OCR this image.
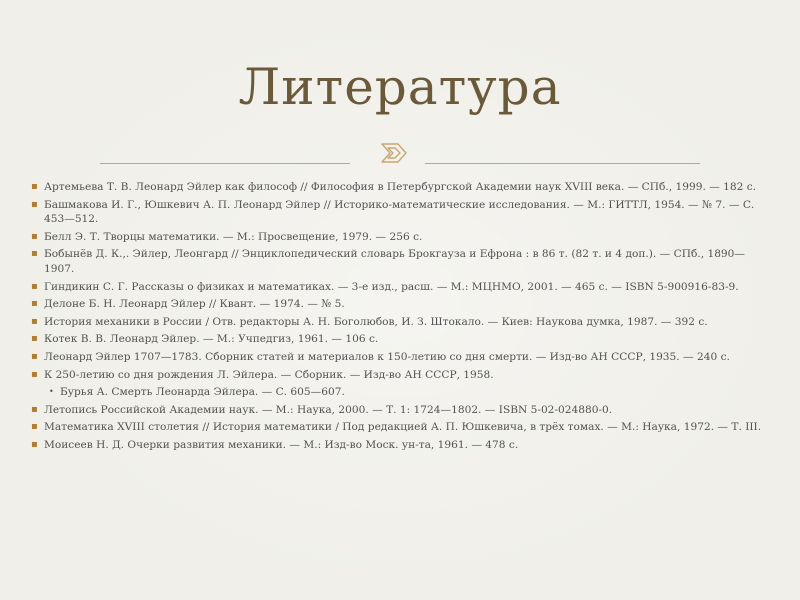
Литература
▪ Артемьева Т. В. Леонард Эйлер как философ // Философия в Петербургской Академии наук XVIII века. — СПб., 1999. — 182 с.
▪ Башмакова И. Г., Юшкевич А. П. Леонард Эйлер // Историко-математические исследования. — М.: ГИТТЛ, 1954. — № 7. — С. 453—512.
▪ Белл Э. Т. Творцы математики. — М.: Просвещение, 1979. — 256 с.
▪ Бобынёв Д. К.,. Эйлер, Леонгард // Энциклопедический словарь Брокгауза и Ефрона : в 86 т. (82 т. и 4 доп.). — СПб., 1890—1907.
▪ Гиндикин С. Г. Рассказы о физиках и математиках. — 3-е изд., расш. — М.: МЦНМО, 2001. — 465 с. — ISBN 5-900916-83-9.
▪ Делоне Б. Н. Леонард Эйлер // Квант. — 1974. — № 5.
▪ История механики в России / Отв. редакторы А. Н. Боголюбов, И. З. Штокало. — Киев: Наукова думка, 1987. — 392 с.
▪ Котек В. В. Леонард Эйлер. — М.: Учпедгиз, 1961. — 106 с.
▪ Леонард Эйлер 1707—1783. Сборник статей и материалов к 150-летию со дня смерти. — Изд-во АН СССР, 1935. — 240 с.
▪ К 250-летию со дня рождения Л. Эйлера. — Сборник. — Изд-во АН СССР, 1958.
• Бурья А. Смерть Леонарда Эйлера. — С. 605—607.
▪ Летопись Российской Академии наук. — М.: Наука, 2000. — Т. 1: 1724—1802. — ISBN 5-02-024880-0.
▪ Математика XVIII столетия // История математики / Под редакцией А. П. Юшкевича, в трёх томах. — М.: Наука, 1972. — Т. III.
▪ Моисеев Н. Д. Очерки развития механики. — М.: Изд-во Моск. ун-та, 1961. — 478 с.
